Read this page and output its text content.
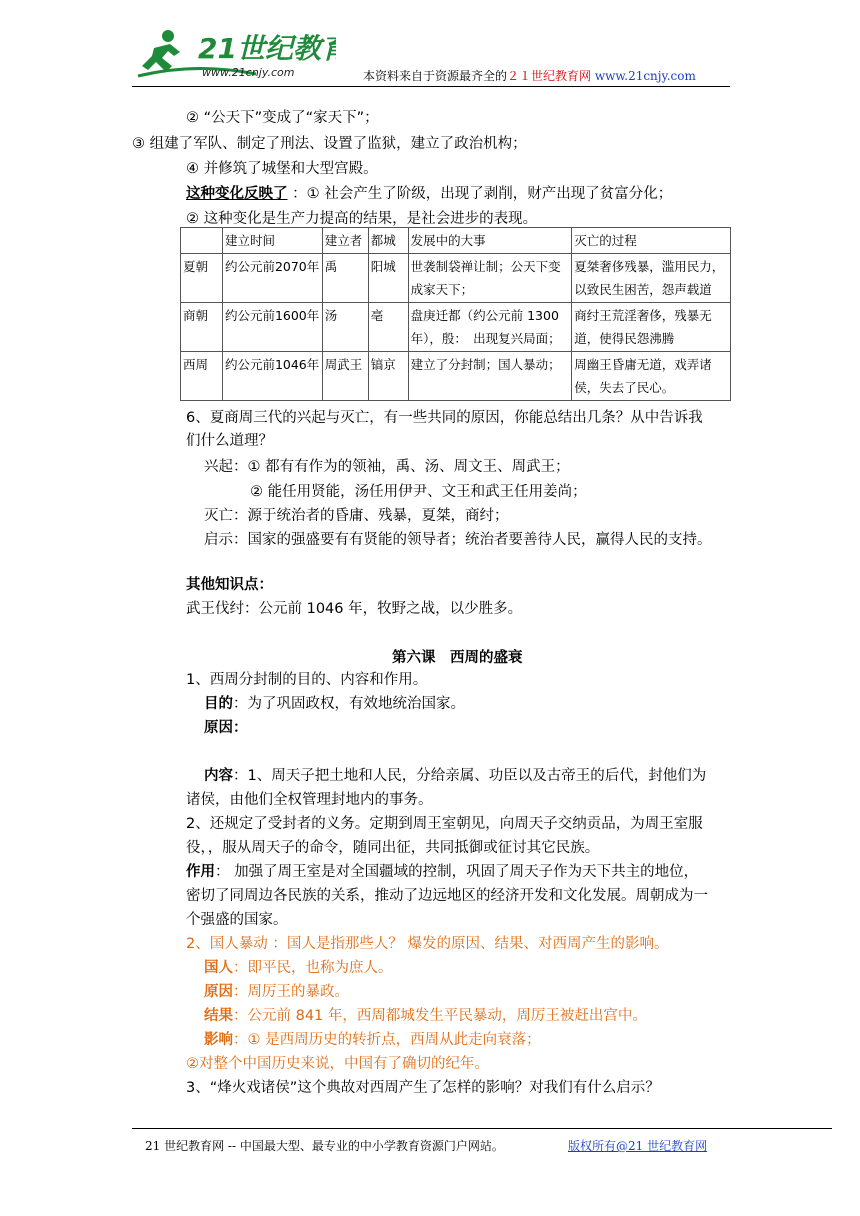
21世纪教育
www.21cnjy.com	本资料来自于资源最齐全的２１世纪教育网 www.21cnjy.com
② “公天下”变成了“家天下”；
③ 组建了军队、制定了刑法、设置了监狱，建立了政治机构；
④ 并修筑了城堡和大型宫殿。
这种变化反映了 ：① 社会产生了阶级，出现了剥削，财产出现了贫富分化；
② 这种变化是生产力提高的结果，是社会进步的表现。
	建立时间	建立者	都城	发展中的大事	灭亡的过程
夏朝	约公元前2070年	禹	阳城	世袭制袋禅让制；公天下变成家天下；	夏桀奢侈残暴，滥用民力，以致民生困苦，怨声载道
商朝	约公元前1600年	汤	亳	盘庚迁都（约公元前 1300年），殷：　出现复兴局面；	商纣王荒淫奢侈，残暴无道，使得民怨沸腾
西周	约公元前1046年	周武王	镐京	建立了分封制；国人暴动；	周幽王昏庸无道，戏弄诸侯，失去了民心。
6、夏商周三代的兴起与灭亡，有一些共同的原因，你能总结出几条？从中告诉我
们什么道理？
兴起：① 都有有作为的领袖，禹、汤、周文王、周武王；
② 能任用贤能，汤任用伊尹、文王和武王任用姜尚；
灭亡：源于统治者的昏庸、残暴，夏桀，商纣；
启示：国家的强盛要有有贤能的领导者；统治者要善待人民，赢得人民的支持。
其他知识点：
武王伐纣：公元前 1046 年，牧野之战，以少胜多。
第六课　西周的盛衰
1、西周分封制的目的、内容和作用。
目的：为了巩固政权，有效地统治国家。
原因：
内容：1、周天子把土地和人民，分给亲属、功臣以及古帝王的后代，封他们为
诸侯，由他们全权管理封地内的事务。
2、还规定了受封者的义务。定期到周王室朝见，向周天子交纳贡品，为周王室服
役，，服从周天子的命令，随同出征，共同抵御或征讨其它民族。
作用： 加强了周王室是对全国疆域的控制，巩固了周天子作为天下共主的地位，
密切了同周边各民族的关系，推动了边远地区的经济开发和文化发展。周朝成为一
个强盛的国家。
2、国人暴动 ：国人是指那些人？ 爆发的原因、结果、对西周产生的影响。
国人：即平民，也称为庶人。
原因：周厉王的暴政。
结果：公元前 841 年，西周都城发生平民暴动，周厉王被赶出宫中。
影响：① 是西周历史的转折点，西周从此走向衰落；
②对整个中国历史来说，中国有了确切的纪年。
3、“烽火戏诸侯”这个典故对西周产生了怎样的影响？对我们有什么启示？
21 世纪教育网 -- 中国最大型、最专业的中小学教育资源门户网站。	版权所有@21 世纪教育网
